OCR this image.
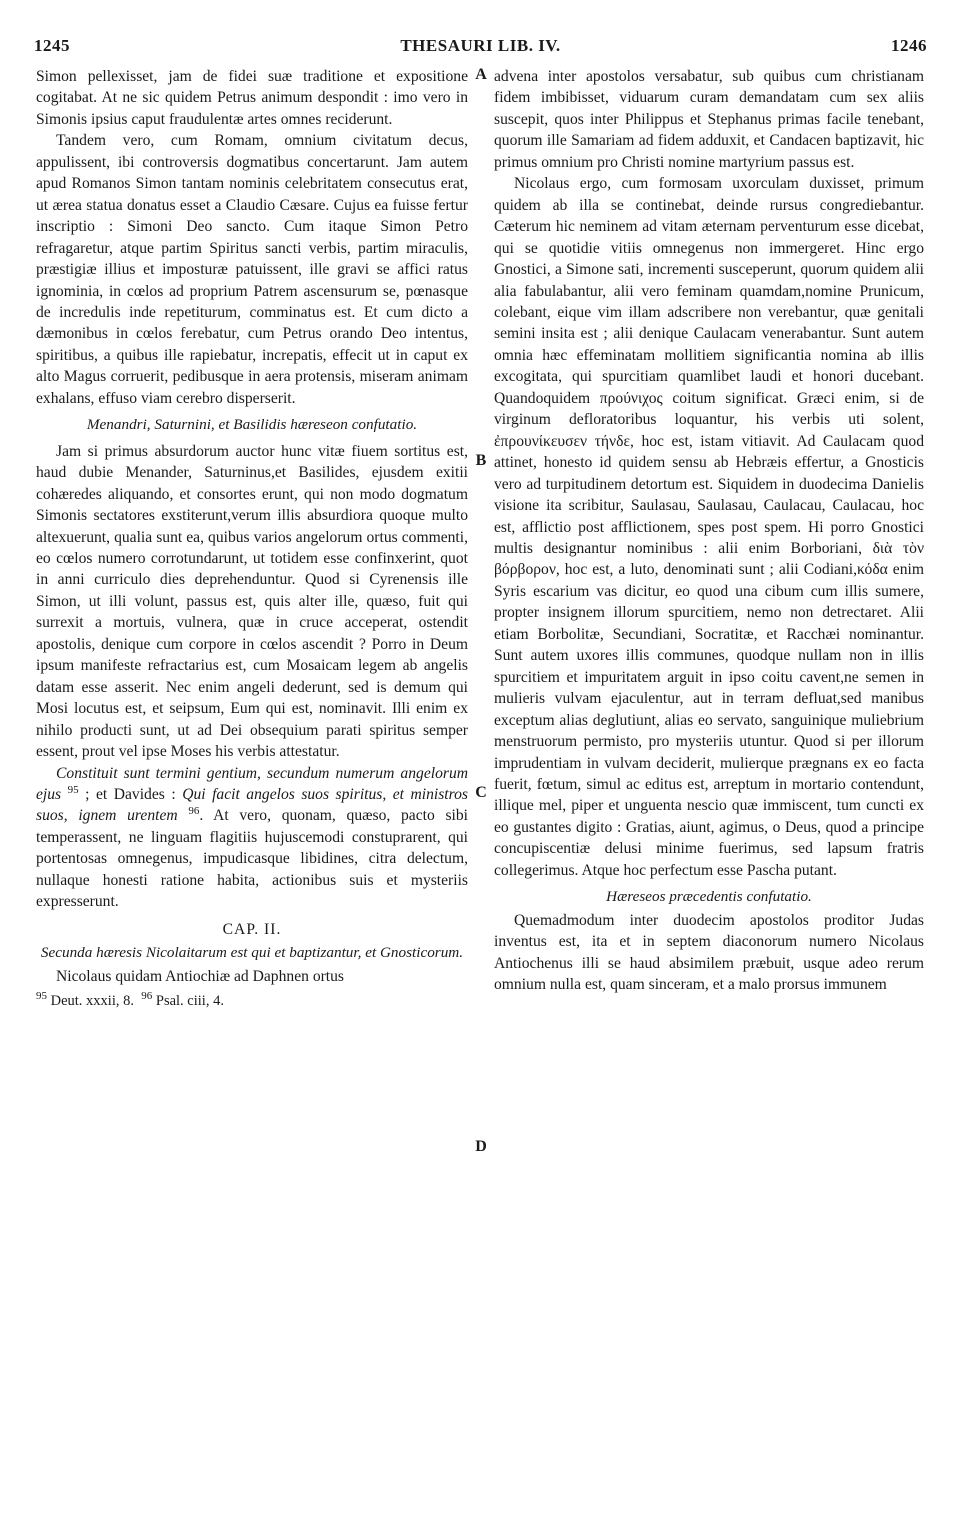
1245	THESAURI LIB. IV.	1246

Simon pellexisset, jam de fidei suæ traditione et expositione cogitabat. At ne sic quidem Petrus animum despondit : imo vero in Simonis ipsius caput fraudulentæ artes omnes reciderunt.

Tandem vero, cum Romam, omnium civitatum decus, appulissent, ibi controversis dogmatibus concertarunt. Jam autem apud Romanos Simon tantam nominis celebritatem consecutus erat, ut ærea statua donatus esset a Claudio Cæsare. Cujus ea fuisse fertur inscriptio : Simoni Deo sancto. Cum itaque Simon Petro refragaretur, atque partim Spiritus sancti verbis, partim miraculis, præstigiæ illius et imposturæ patuissent, ille gravi se affici ratus ignominia, in cœlos ad proprium Patrem ascensurum se, pœnasque de incredulis inde repetiturum, comminatus est. Et cum dicto a dæmonibus in cœlos ferebatur, cum Petrus orando Deo intentus, spiritibus, a quibus ille rapiebatur, increpatis, effecit ut in caput ex alto Magus corruerit, pedibusque in aera protensis, miseram animam exhalans, effuso viam cerebro disperserit.

Menandri, Saturnini, et Basilidis hæreseon confutatio.

Jam si primus absurdorum auctor hunc vitæ fiuem sortitus est, haud dubie Menander, Saturninus,et Basilides, ejusdem exitii cohæredes aliquando, et consortes erunt, qui non modo dogmatum Simonis sectatores exstiterunt,verum illis absurdiora quoque multo altexuerunt, qualia sunt ea, quibus varios angelorum ortus commenti, eo cœlos numero corrotundarunt, ut totidem esse confinxerint, quot in anni curriculo dies deprehenduntur. Quod si Cyrenensis ille Simon, ut illi volunt, passus est, quis alter ille, quæso, fuit qui surrexit a mortuis, vulnera, quæ in cruce acceperat, ostendit apostolis, denique cum corpore in cœlos ascendit ? Porro in Deum ipsum manifeste refractarius est, cum Mosaicam legem ab angelis datam esse asserit. Nec enim angeli dederunt, sed is demum qui Mosi locutus est, et seipsum, Eum qui est, nominavit. Illi enim ex nihilo producti sunt, ut ad Dei obsequium parati spiritus semper essent, prout vel ipse Moses his verbis attestatur.

Constituit sunt termini gentium, secundum numerum angelorum ejus $^{95}$ ; et Davides : Qui facit angelos suos spiritus, et ministros suos, ignem urentem $^{96}$. At vero, quonam, quæso, pacto sibi temperassent, ne linguam flagitiis hujuscemodi constuprarent, qui portentosas omnegenus, impudicasque libidines, citra delectum, nullaque honesti ratione habita, actionibus suis et mysteriis expresserunt.

CAP. II.

Secunda hæresis Nicolaitarum est qui et baptizantur, et Gnosticorum.

Nicolaus quidam Antiochiæ ad Daphnen ortus

$^{95}$ Deut. xxxii, 8. $^{96}$ Psal. ciii, 4.

A
B
C
D

advena inter apostolos versabatur, sub quibus cum christianam fidem imbibisset, viduarum curam demandatam cum sex aliis suscepit, quos inter Philippus et Stephanus primas facile tenebant, quorum ille Samariam ad fidem adduxit, et Candacen baptizavit, hic primus omnium pro Christi nomine martyrium passus est.

Nicolaus ergo, cum formosam uxorculam duxisset, primum quidem ab illa se continebat, deinde rursus congrediebantur. Cæterum hic neminem ad vitam æternam perventurum esse dicebat, qui se quotidie vitiis omnegenus non immergeret. Hinc ergo Gnostici, a Simone sati, incrementi susceperunt, quorum quidem alii alia fabulabantur, alii vero feminam quamdam,nomine Prunicum, colebant, eique vim illam adscribere non verebantur, quæ genitali semini insita est ; alii denique Caulacam venerabantur. Sunt autem omnia hæc effeminatam mollitiem significantia nomina ab illis excogitata, qui spurcitiam quamlibet laudi et honori ducebant. Quandoquidem προύνιχος coitum significat. Græci enim, si de virginum defloratoribus loquantur, his verbis uti solent, ἐπρουνίκευσεν τήνδε, hoc est, istam vitiavit. Ad Caulacam quod attinet, honesto id quidem sensu ab Hebræis effertur, a Gnosticis vero ad turpitudinem detortum est. Siquidem in duodecima Danielis visione ita scribitur, Saulasau, Saulasau, Caulacau, Caulacau, hoc est, afflictio post afflictionem, spes post spem. Hi porro Gnostici multis designantur nominibus : alii enim Borboriani, διὰ τὸν βόρβορον, hoc est, a luto, denominati sunt ; alii Codiani,κόδα enim Syris escarium vas dicitur, eo quod una cibum cum illis sumere, propter insignem illorum spurcitiem, nemo non detrectaret. Alii etiam Borbolitæ, Secundiani, Socratitæ, et Racchæi nominantur. Sunt autem uxores illis communes, quodque nullam non in illis spurcitiem et impuritatem arguit in ipso coitu cavent,ne semen in mulieris vulvam ejaculentur, aut in terram defluat,sed manibus exceptum alias deglutiunt, alias eo servato, sanguinique muliebrium menstruorum permisto, pro mysteriis utuntur. Quod si per illorum imprudentiam in vulvam deciderit, mulierque prægnans ex eo facta fuerit, fœtum, simul ac editus est, arreptum in mortario contendunt, illique mel, piper et unguenta nescio quæ immiscent, tum cuncti ex eo gustantes digito : Gratias, aiunt, agimus, o Deus, quod a principe concupiscentiæ delusi minime fuerimus, sed lapsum fratris collegerimus. Atque hoc perfectum esse Pascha putant.

Hæreseos præcedentis confutatio.

Quemadmodum inter duodecim apostolos proditor Judas inventus est, ita et in septem diaconorum numero Nicolaus Antiochenus illi se haud absimilem præbuit, usque adeo rerum omnium nulla est, quam sinceram, et a malo prorsus immunem
